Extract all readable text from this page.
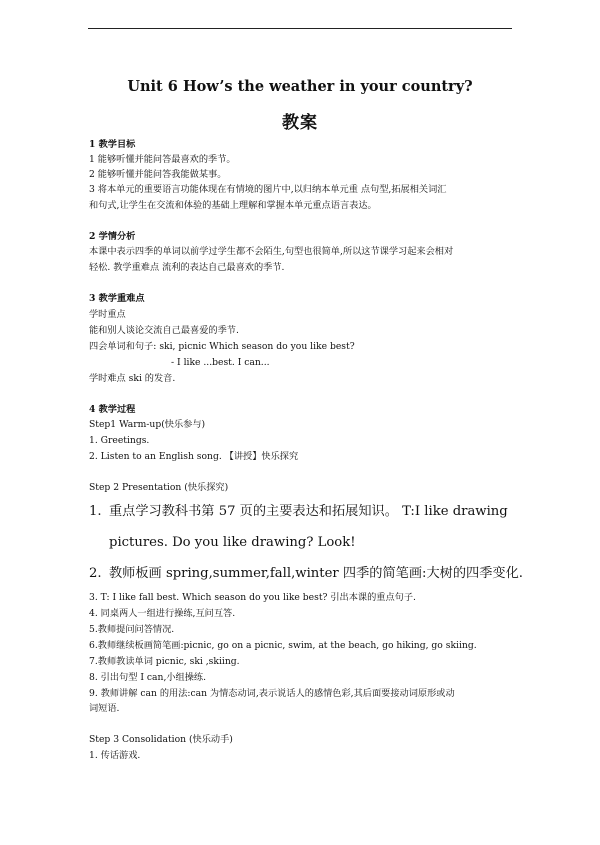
Unit 6 How’s the weather in your country?
教案
1 教学目标
1 能够听懂并能问答最喜欢的季节。
2 能够听懂并能问答我能做某事。
3 将本单元的重要语言功能体现在有情境的图片中,以归纳本单元重 点句型,拓展相关词汇
和句式,让学生在交流和体验的基础上理解和掌握本单元重点语言表达。
2 学情分析
本课中表示四季的单词以前学过学生都不会陌生,句型也很简单,所以这节课学习起来会相对
轻松. 教学重难点 流利的表达自己最喜欢的季节.
3 教学重难点
学时重点
能和别人谈论交流自己最喜爱的季节.
四会单词和句子: ski, picnic Which season do you like best?
- I like ...best. I can...
学时难点 ski 的发音.
4 教学过程
Step1 Warm-up(快乐参与)
1. Greetings.
2. Listen to an English song. 【讲授】快乐探究
Step 2 Presentation (快乐探究)
1. 重点学习教科书第 57 页的主要表达和拓展知识。 T:I like drawing
pictures. Do you like drawing? Look!
2. 教师板画 spring,summer,fall,winter 四季的简笔画:大树的四季变化.
3. T: I like fall best. Which season do you like best? 引出本课的重点句子.
4. 同桌两人一组进行操练,互问互答.
5.教师提问问答情况.
6.教师继续板画简笔画:picnic, go on a picnic, swim, at the beach, go hiking, go skiing.
7.教师教读单词 picnic, ski ,skiing.
8. 引出句型 I can,小组操练.
9. 教师讲解 can 的用法:can 为情态动词,表示说话人的感情色彩,其后面要接动词原形或动
词短语.
Step 3 Consolidation (快乐动手)
1. 传话游戏.
